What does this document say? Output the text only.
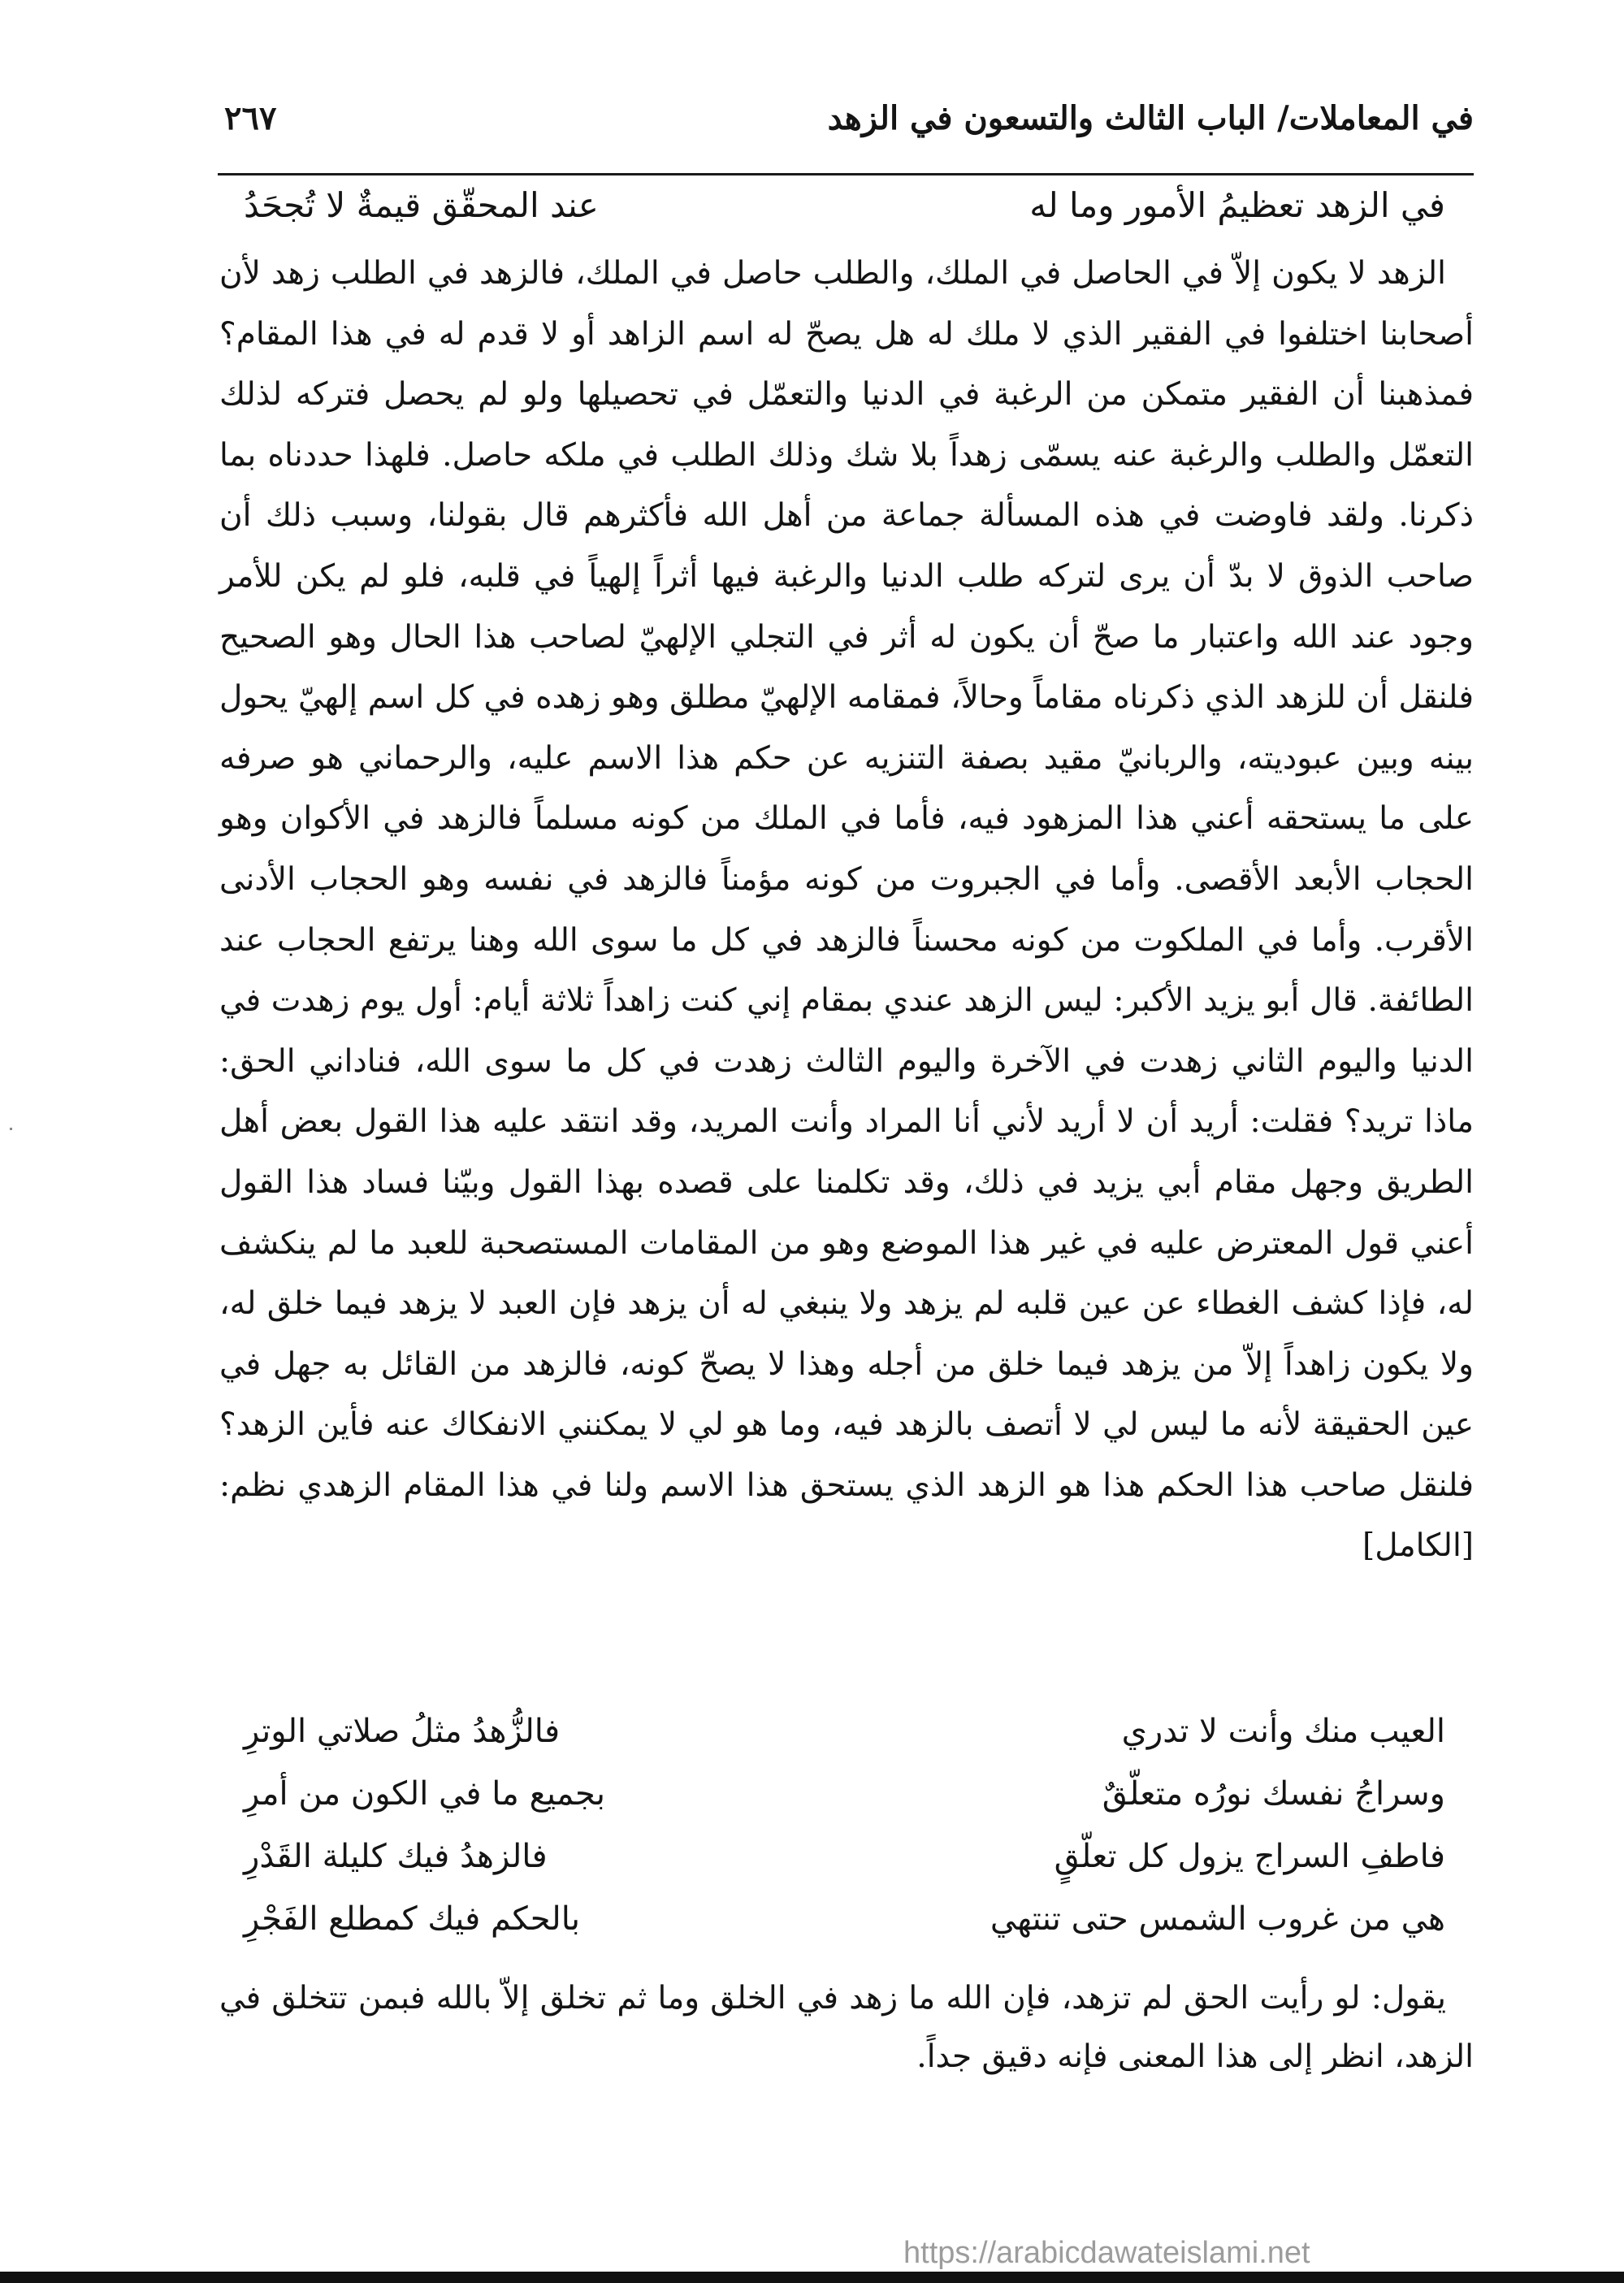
في المعاملات/ الباب الثالث والتسعون في الزهد
٢٦٧
في الزهد تعظيمُ الأمور وما له
عند المحقّق قيمةٌ لا تُجحَدُ

الزهد لا يكون إلاّ في الحاصل في الملك، والطلب حاصل في الملك، فالزهد في الطلب زهد لأن أصحابنا اختلفوا في الفقير الذي لا ملك له هل يصحّ له اسم الزاهد أو لا قدم له في هذا المقام؟ فمذهبنا أن الفقير متمكن من الرغبة في الدنيا والتعمّل في تحصيلها ولو لم يحصل فتركه لذلك التعمّل والطلب والرغبة عنه يسمّى زهداً بلا شك وذلك الطلب في ملكه حاصل. فلهذا حددناه بما ذكرنا. ولقد فاوضت في هذه المسألة جماعة من أهل الله فأكثرهم قال بقولنا، وسبب ذلك أن صاحب الذوق لا بدّ أن يرى لتركه طلب الدنيا والرغبة فيها أثراً إلهياً في قلبه، فلو لم يكن للأمر وجود عند الله واعتبار ما صحّ أن يكون له أثر في التجلي الإلهيّ لصاحب هذا الحال وهو الصحيح فلنقل أن للزهد الذي ذكرناه مقاماً وحالاً، فمقامه الإلهيّ مطلق وهو زهده في كل اسم إلهيّ يحول بينه وبين عبوديته، والربانيّ مقيد بصفة التنزيه عن حكم هذا الاسم عليه، والرحماني هو صرفه على ما يستحقه أعني هذا المزهود فيه، فأما في الملك من كونه مسلماً فالزهد في الأكوان وهو الحجاب الأبعد الأقصى. وأما في الجبروت من كونه مؤمناً فالزهد في نفسه وهو الحجاب الأدنى الأقرب. وأما في الملكوت من كونه محسناً فالزهد في كل ما سوى الله وهنا يرتفع الحجاب عند الطائفة. قال أبو يزيد الأكبر: ليس الزهد عندي بمقام إني كنت زاهداً ثلاثة أيام: أول يوم زهدت في الدنيا واليوم الثاني زهدت في الآخرة واليوم الثالث زهدت في كل ما سوى الله، فناداني الحق: ماذا تريد؟ فقلت: أريد أن لا أريد لأني أنا المراد وأنت المريد، وقد انتقد عليه هذا القول بعض أهل الطريق وجهل مقام أبي يزيد في ذلك، وقد تكلمنا على قصده بهذا القول وبيّنا فساد هذا القول أعني قول المعترض عليه في غير هذا الموضع وهو من المقامات المستصحبة للعبد ما لم ينكشف له، فإذا كشف الغطاء عن عين قلبه لم يزهد ولا ينبغي له أن يزهد فإن العبد لا يزهد فيما خلق له، ولا يكون زاهداً إلاّ من يزهد فيما خلق من أجله وهذا لا يصحّ كونه، فالزهد من القائل به جهل في عين الحقيقة لأنه ما ليس لي لا أتصف بالزهد فيه، وما هو لي لا يمكنني الانفكاك عنه فأين الزهد؟ فلنقل صاحب هذا الحكم هذا هو الزهد الذي يستحق هذا الاسم ولنا في هذا المقام الزهدي نظم: [الكامل]

العيب منك وأنت لا تدري
فالزُّهدُ مثلُ صلاتي الوترِ
وسراجُ نفسك نورُه متعلّقٌ
بجميع ما في الكون من أمرِ
فاطفِ السراج يزول كل تعلّقٍ
فالزهدُ فيك كليلة القَدْرِ
هي من غروب الشمس حتى تنتهي
بالحكم فيك كمطلع الفَجْرِ

يقول: لو رأيت الحق لم تزهد، فإن الله ما زهد في الخلق وما ثم تخلق إلاّ بالله فبمن تتخلق في الزهد، انظر إلى هذا المعنى فإنه دقيق جداً.

https://arabicdawateislami.net
